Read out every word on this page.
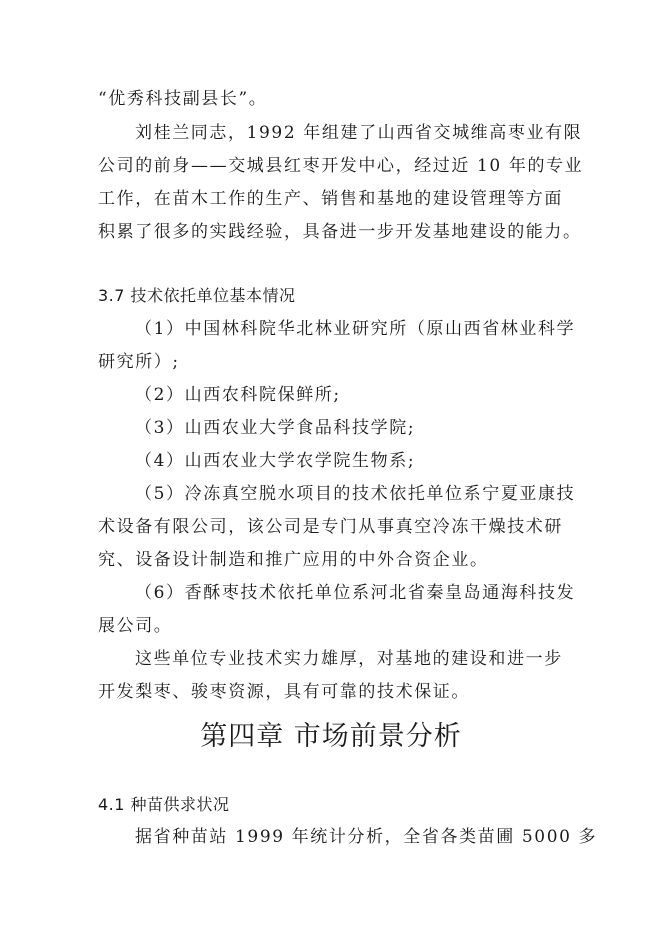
“优秀科技副县长”。
刘桂兰同志，1992 年组建了山西省交城维高枣业有限
公司的前身——交城县红枣开发中心，经过近 10 年的专业
工作，在苗木工作的生产、销售和基地的建设管理等方面
积累了很多的实践经验，具备进一步开发基地建设的能力。
3.7 技术依托单位基本情况
（1）中国林科院华北林业研究所（原山西省林业科学
研究所）;
（2）山西农科院保鲜所;
（3）山西农业大学食品科技学院;
（4）山西农业大学农学院生物系;
（5）冷冻真空脱水项目的技术依托单位系宁夏亚康技
术设备有限公司，该公司是专门从事真空冷冻干燥技术研
究、设备设计制造和推广应用的中外合资企业。
（6）香酥枣技术依托单位系河北省秦皇岛通海科技发
展公司。
这些单位专业技术实力雄厚，对基地的建设和进一步
开发梨枣、骏枣资源，具有可靠的技术保证。
第四章 市场前景分析
4.1 种苗供求状况
据省种苗站 1999 年统计分析，全省各类苗圃 5000 多
